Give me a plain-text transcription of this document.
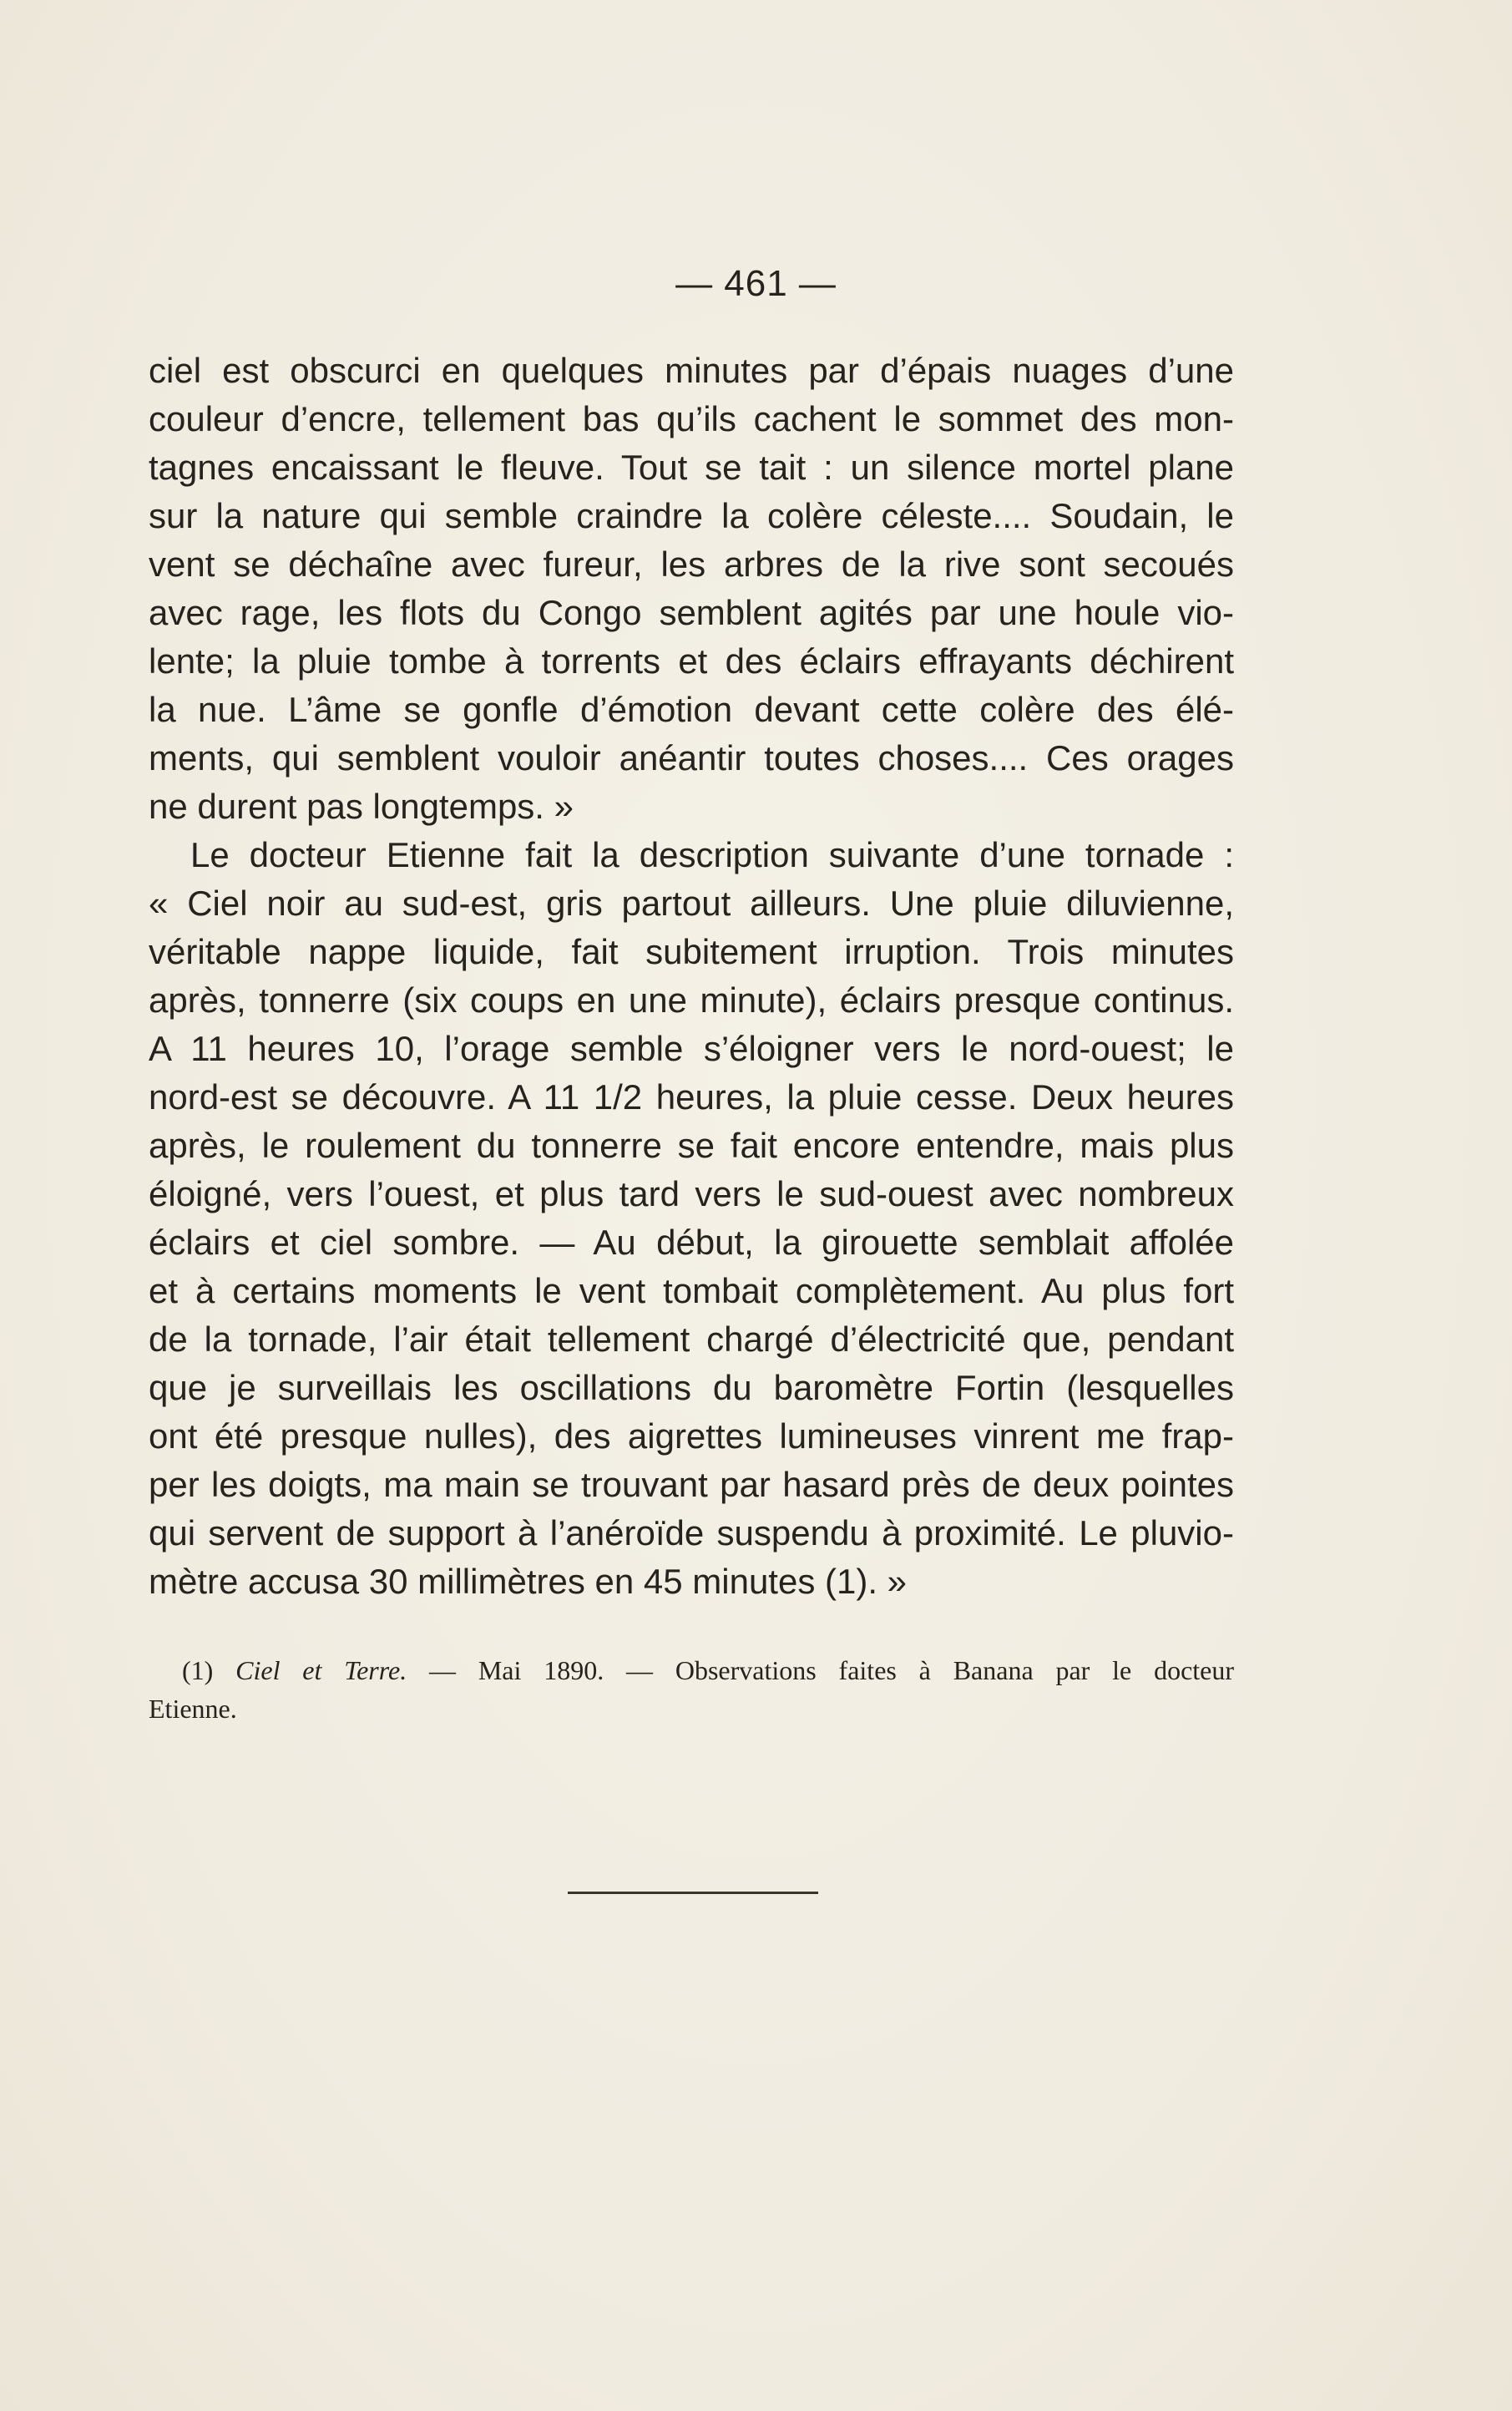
— 461 —
ciel est obscurci en quelques minutes par d’épais nuages d’une
couleur d’encre, tellement bas qu’ils cachent le sommet des mon-
tagnes encaissant le fleuve. Tout se tait : un silence mortel plane
sur la nature qui semble craindre la colère céleste.... Soudain, le
vent se déchaîne avec fureur, les arbres de la rive sont secoués
avec rage, les flots du Congo semblent agités par une houle vio-
lente; la pluie tombe à torrents et des éclairs effrayants déchirent
la nue. L’âme se gonfle d’émotion devant cette colère des élé-
ments, qui semblent vouloir anéantir toutes choses.... Ces orages
ne durent pas longtemps. »
Le docteur Etienne fait la description suivante d’une tornade :
« Ciel noir au sud-est, gris partout ailleurs. Une pluie diluvienne,
véritable nappe liquide, fait subitement irruption. Trois minutes
après, tonnerre (six coups en une minute), éclairs presque continus.
A 11 heures 10, l’orage semble s’éloigner vers le nord-ouest; le
nord-est se découvre. A 11 1/2 heures, la pluie cesse. Deux heures
après, le roulement du tonnerre se fait encore entendre, mais plus
éloigné, vers l’ouest, et plus tard vers le sud-ouest avec nombreux
éclairs et ciel sombre. — Au début, la girouette semblait affolée
et à certains moments le vent tombait complètement. Au plus fort
de la tornade, l’air était tellement chargé d’électricité que, pendant
que je surveillais les oscillations du baromètre Fortin (lesquelles
ont été presque nulles), des aigrettes lumineuses vinrent me frap-
per les doigts, ma main se trouvant par hasard près de deux pointes
qui servent de support à l’anéroïde suspendu à proximité. Le pluvio-
mètre accusa 30 millimètres en 45 minutes (1). »
(1) Ciel et Terre. — Mai 1890. — Observations faites à Banana par le docteur
Etienne.
